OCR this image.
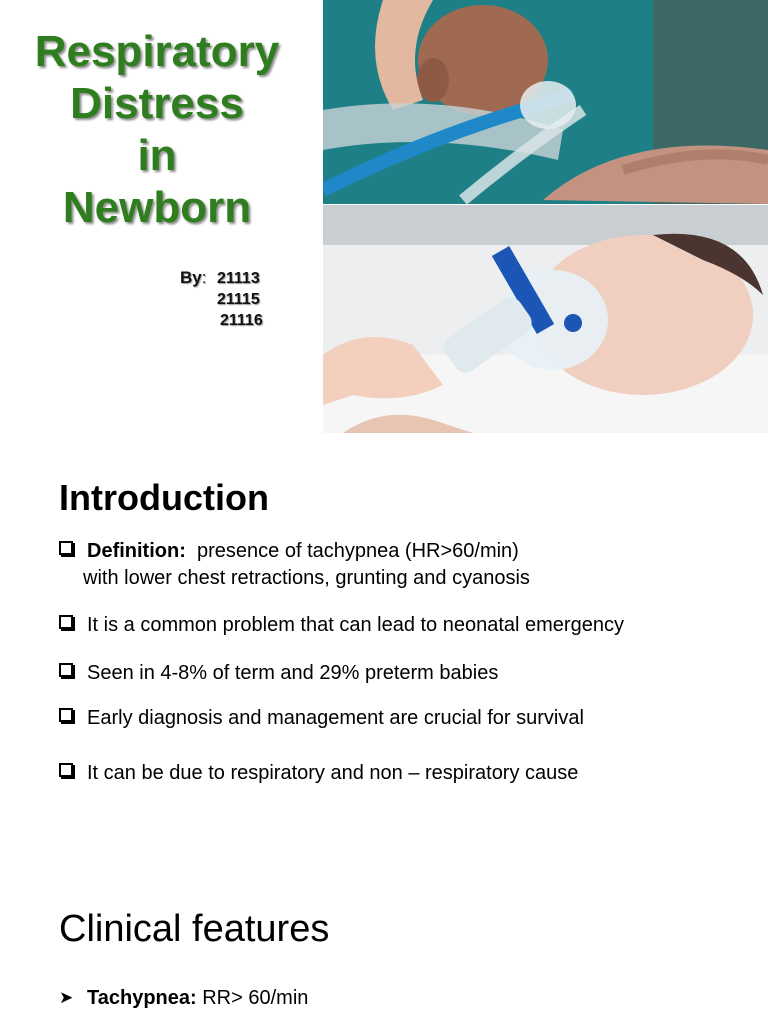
Respiratory
Distress
in
Newborn
By: 21113
21115
21116
Introduction
Definition: presence of tachypnea (HR>60/min)
with lower chest retractions, grunting and cyanosis
It is a common problem that can lead to neonatal emergency
Seen in 4-8% of term and 29% preterm babies
Early diagnosis and management are crucial for survival
It can be due to respiratory and non – respiratory cause
Clinical features
➤ Tachypnea: RR> 60/min
